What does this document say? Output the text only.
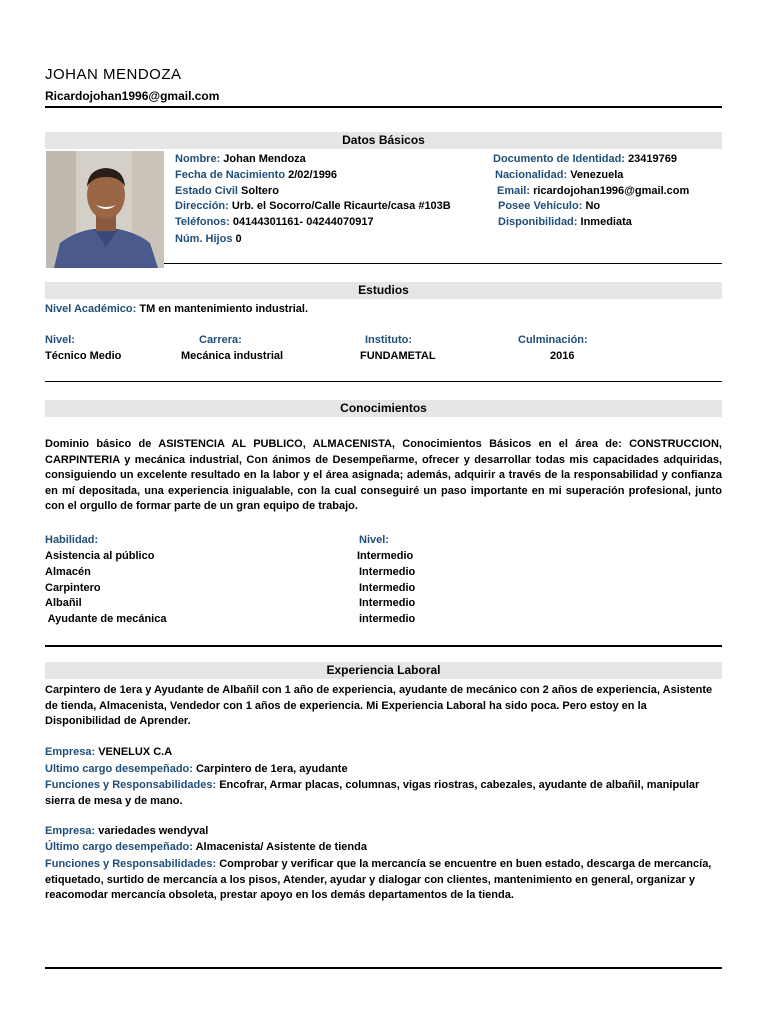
JOHAN MENDOZA
Ricardojohan1996@gmail.com
Datos Básicos
Nombre: Johan Mendoza
Fecha de Nacimiento 2/02/1996
Estado Civil Soltero
Dirección: Urb. el Socorro/Calle Ricaurte/casa #103B
Teléfonos: 04144301161- 04244070917
Núm. Hijos 0
Documento de Identidad: 23419769
Nacionalidad: Venezuela
Email: ricardojohan1996@gmail.com
Posee Vehículo: No
Disponibilidad: Inmediata
Estudios
Nivel Académico: TM en mantenimiento industrial.
Nivel:	Carrera:	Instituto:	Culminación:
Técnico Medio	Mecánica industrial	FUNDAMETAL	2016
Conocimientos
Dominio básico de ASISTENCIA AL PUBLICO, ALMACENISTA, Conocimientos Básicos en el área de: CONSTRUCCION, CARPINTERIA y mecánica industrial, Con ánimos de Desempeñarme, ofrecer y desarrollar todas mis capacidades adquiridas, consiguiendo un excelente resultado en la labor y el área asignada; además, adquirir a través de la responsabilidad y confianza en mí depositada, una experiencia inigualable, con la cual conseguiré un paso importante en mi superación profesional, junto con el orgullo de formar parte de un gran equipo de trabajo.
Habilidad:	Nivel:
Asistencia al público	Intermedio
Almacén	Intermedio
Carpintero	Intermedio
Albañil	Intermedio
Ayudante de mecánica	intermedio
Experiencia Laboral
Carpintero de 1era y Ayudante de Albañil con 1 año de experiencia, ayudante de mecánico con 2 años de experiencia, Asistente de tienda, Almacenista, Vendedor con 1 años de experiencia. Mi Experiencia Laboral ha sido poca. Pero estoy en la Disponibilidad de Aprender.
Empresa: VENELUX C.A
Ultimo cargo desempeñado: Carpintero de 1era, ayudante
Funciones y Responsabilidades: Encofrar, Armar placas, columnas, vigas riostras, cabezales, ayudante de albañil, manipular sierra de mesa y de mano.
Empresa: variedades wendyval
Último cargo desempeñado: Almacenista/ Asistente de tienda
Funciones y Responsabilidades: Comprobar y verificar que la mercancía se encuentre en buen estado, descarga de mercancía, etiquetado, surtido de mercancía a los pisos, Atender, ayudar y dialogar con clientes, mantenimiento en general, organizar y reacomodar mercancía obsoleta, prestar apoyo en los demás departamentos de la tienda.
